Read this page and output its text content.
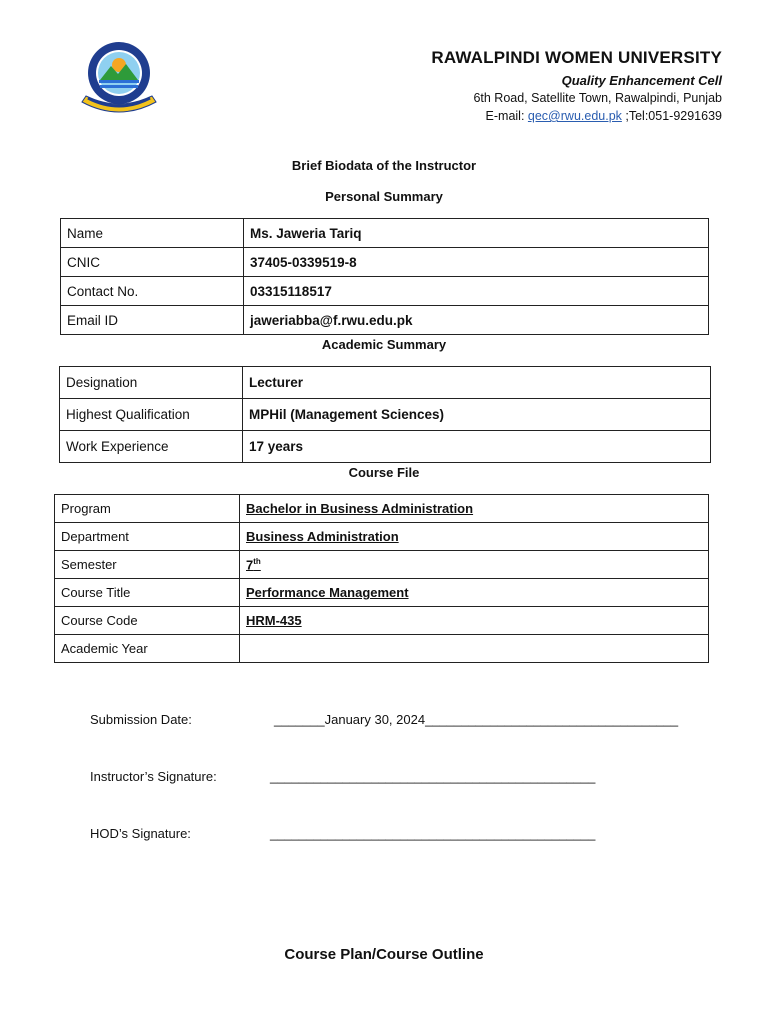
RAWALPINDI WOMEN UNIVERSITY
Quality Enhancement Cell
6th Road, Satellite Town, Rawalpindi, Punjab
E-mail: qec@rwu.edu.pk ;Tel:051-9291639
Brief Biodata of the Instructor
Personal Summary
Name	Ms. Jaweria Tariq
CNIC	37405-0339519-8
Contact No.	03315118517
Email ID	jaweriabba@f.rwu.edu.pk
Academic Summary
Designation	Lecturer
Highest Qualification	MPHil (Management Sciences)
Work Experience	17 years
Course File
Program	Bachelor in Business Administration
Department	Business Administration
Semester	7th
Course Title	Performance Management
Course Code	HRM-435
Academic Year	
Submission Date:	_______January 30, 2024___________________________________
Instructor’s Signature:	_____________________________________________
HOD’s Signature:	_____________________________________________
Course Plan/Course Outline
